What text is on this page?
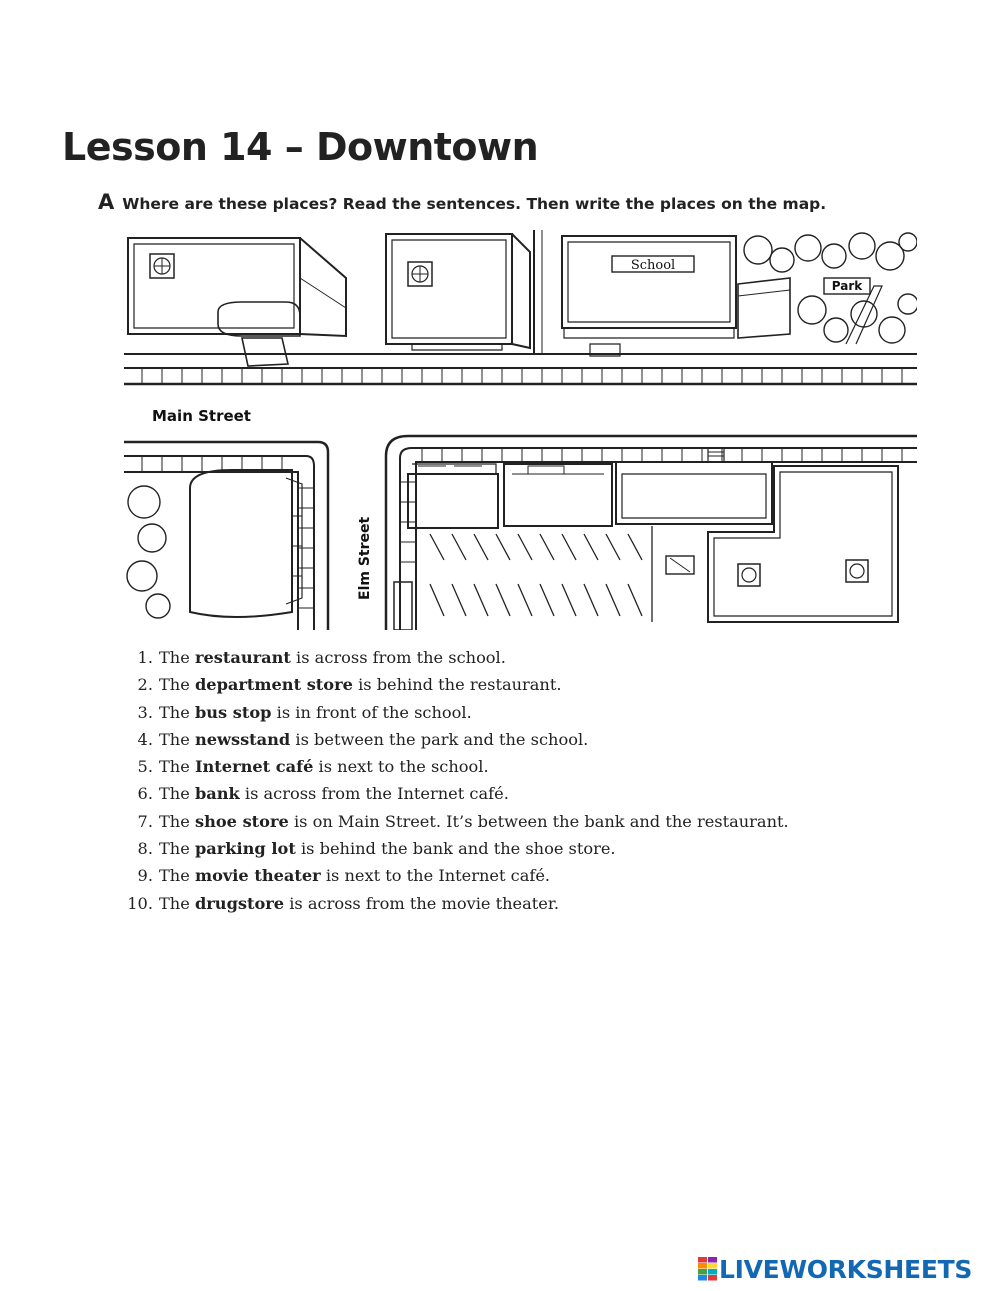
Lesson 14 – Downtown
A Where are these places? Read the sentences. Then write the places on the map.
School
Park
Main Street
Elm Street
1. The restaurant is across from the school.
2. The department store is behind the restaurant.
3. The bus stop is in front of the school.
4. The newsstand is between the park and the school.
5. The Internet café is next to the school.
6. The bank is across from the Internet café.
7. The shoe store is on Main Street. It’s between the bank and the restaurant.
8. The parking lot is behind the bank and the shoe store.
9. The movie theater is next to the Internet café.
10. The drugstore is across from the movie theater.
LIVEWORKSHEETS
